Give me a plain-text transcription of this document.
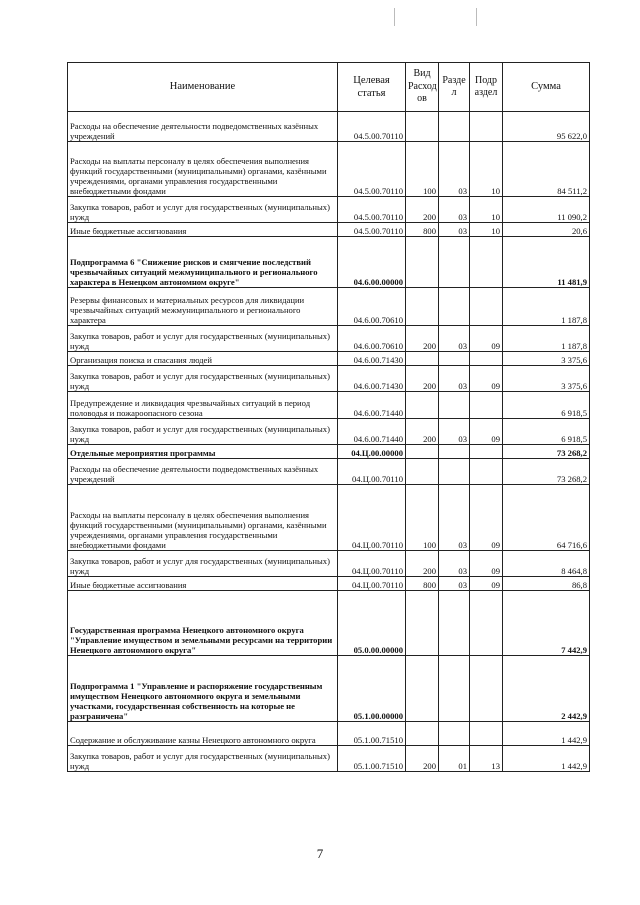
Наименование	Целевая статья	Вид Расход ов	Разде л	Подр аздел	Сумма
Расходы на обеспечение деятельности подведомственных казённых учреждений	04.5.00.70110				95 622,0
Расходы на выплаты персоналу в целях обеспечения выполнения функций государственными (муниципальными) органами, казёнными учреждениями, органами управления государственными внебюджетными фондами	04.5.00.70110	100	03	10	84 511,2
Закупка товаров, работ и услуг для государственных (муниципальных) нужд	04.5.00.70110	200	03	10	11 090,2
Иные бюджетные ассигнования	04.5.00.70110	800	03	10	20,6
Подпрограмма 6 "Снижение рисков и смягчение последствий чрезвычайных ситуаций межмуниципального и регионального характера в Ненецком автономном округе"	04.6.00.00000				11 481,9
Резервы финансовых и материальных ресурсов для ликвидации чрезвычайных ситуаций межмуниципального и регионального характера	04.6.00.70610				1 187,8
Закупка товаров, работ и услуг для государственных (муниципальных) нужд	04.6.00.70610	200	03	09	1 187,8
Организация поиска и спасания людей	04.6.00.71430				3 375,6
Закупка товаров, работ и услуг для государственных (муниципальных) нужд	04.6.00.71430	200	03	09	3 375,6
Предупреждение и ликвидация чрезвычайных ситуаций в период половодья и пожароопасного сезона	04.6.00.71440				6 918,5
Закупка товаров, работ и услуг для государственных (муниципальных) нужд	04.6.00.71440	200	03	09	6 918,5
Отдельные мероприятия программы	04.Ц.00.00000				73 268,2
Расходы на обеспечение деятельности подведомственных казённых учреждений	04.Ц.00.70110				73 268,2
Расходы на выплаты персоналу в целях обеспечения выполнения функций государственными (муниципальными) органами, казёнными учреждениями, органами управления государственными внебюджетными фондами	04.Ц.00.70110	100	03	09	64 716,6
Закупка товаров, работ и услуг для государственных (муниципальных) нужд	04.Ц.00.70110	200	03	09	8 464,8
Иные бюджетные ассигнования	04.Ц.00.70110	800	03	09	86,8
Государственная программа Ненецкого автономного округа "Управление имуществом и земельными ресурсами на территории Ненецкого автономного округа"	05.0.00.00000				7 442,9
Подпрограмма 1 "Управление и распоряжение государственным имуществом Ненецкого автономного округа и земельными участками, государственная собственность на которые не разграничена"	05.1.00.00000				2 442,9
Содержание и обслуживание казны Ненецкого автономного округа	05.1.00.71510				1 442,9
Закупка товаров, работ и услуг для государственных (муниципальных) нужд	05.1.00.71510	200	01	13	1 442,9
7
